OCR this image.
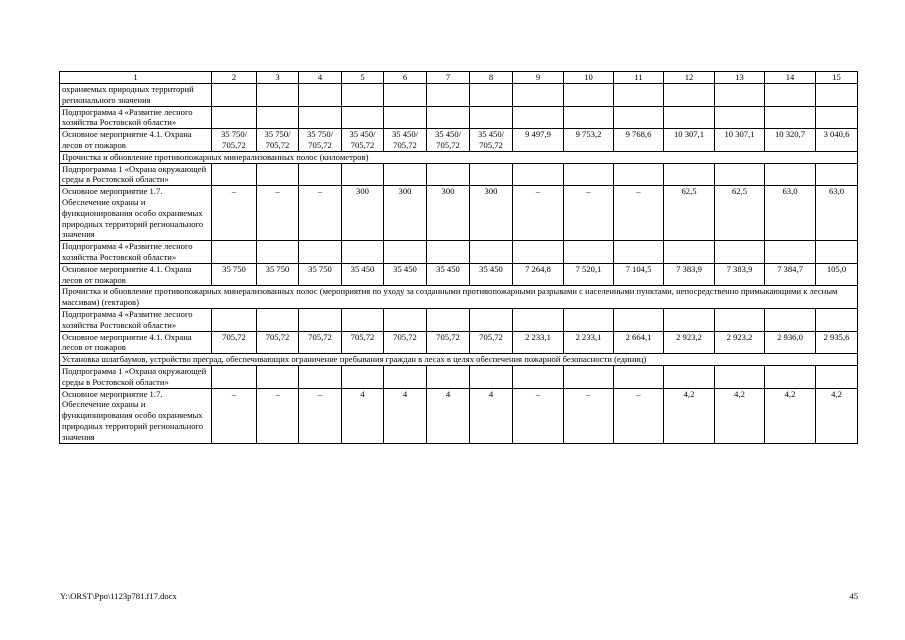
1	2	3	4	5	6	7	8	9	10	11	12	13	14	15
охраняемых природных территорий регионального значения														
Подпрограмма 4 «Развитие лесного хозяйства Ростовской области»														
Основное мероприятие 4.1. Охрана лесов от пожаров	35 750/ 705,72	35 750/ 705,72	35 750/ 705,72	35 450/ 705,72	35 450/ 705,72	35 450/ 705,72	35 450/ 705,72	9 497,9	9 753,2	9 768,6	10 307,1	10 307,1	10 320,7	3 040,6
Прочистка и обновление противопожарных минерализованных полос (километров)														
Подпрограмма 1 «Охрана окружающей среды в Ростовской области»														
Основное мероприятие 1.7. Обеспечение охраны и функционирования особо охраняемых природных территорий регионального значения	–	–	–	300	300	300	300	–	–	–	62,5	62,5	63,0	63,0
Подпрограмма 4 «Развитие лесного хозяйства Ростовской области»														
Основное мероприятие 4.1. Охрана лесов от пожаров	35 750	35 750	35 750	35 450	35 450	35 450	35 450	7 264,8	7 520,1	7 104,5	7 383,9	7 383,9	7 384,7	105,0
Прочистка и обновление противопожарных минерализованных полос (мероприятия по уходу за созданными противопожарными разрывами с населенными пунктами, непосредственно примыкающими к лесным массивам) (гектаров)														
Подпрограмма 4 «Развитие лесного хозяйства Ростовской области»														
Основное мероприятие 4.1. Охрана лесов от пожаров	705,72	705,72	705,72	705,72	705,72	705,72	705,72	2 233,1	2 233,1	2 664,1	2 923,2	2 923,2	2 936,0	2 935,6
Установка шлагбаумов, устройство преград, обеспечивающих ограничение пребывания граждан в лесах в целях обеспечения пожарной безопасности (единиц)														
Подпрограмма 1 «Охрана окружающей среды в Ростовской области»														
Основное мероприятие 1.7. Обеспечение охраны и функционирования особо охраняемых природных территорий регионального значения	–	–	–	4	4	4	4	–	–	–	4,2	4,2	4,2	4,2
Y:\ORST\Ppo\1123p781.f17.docx	45
